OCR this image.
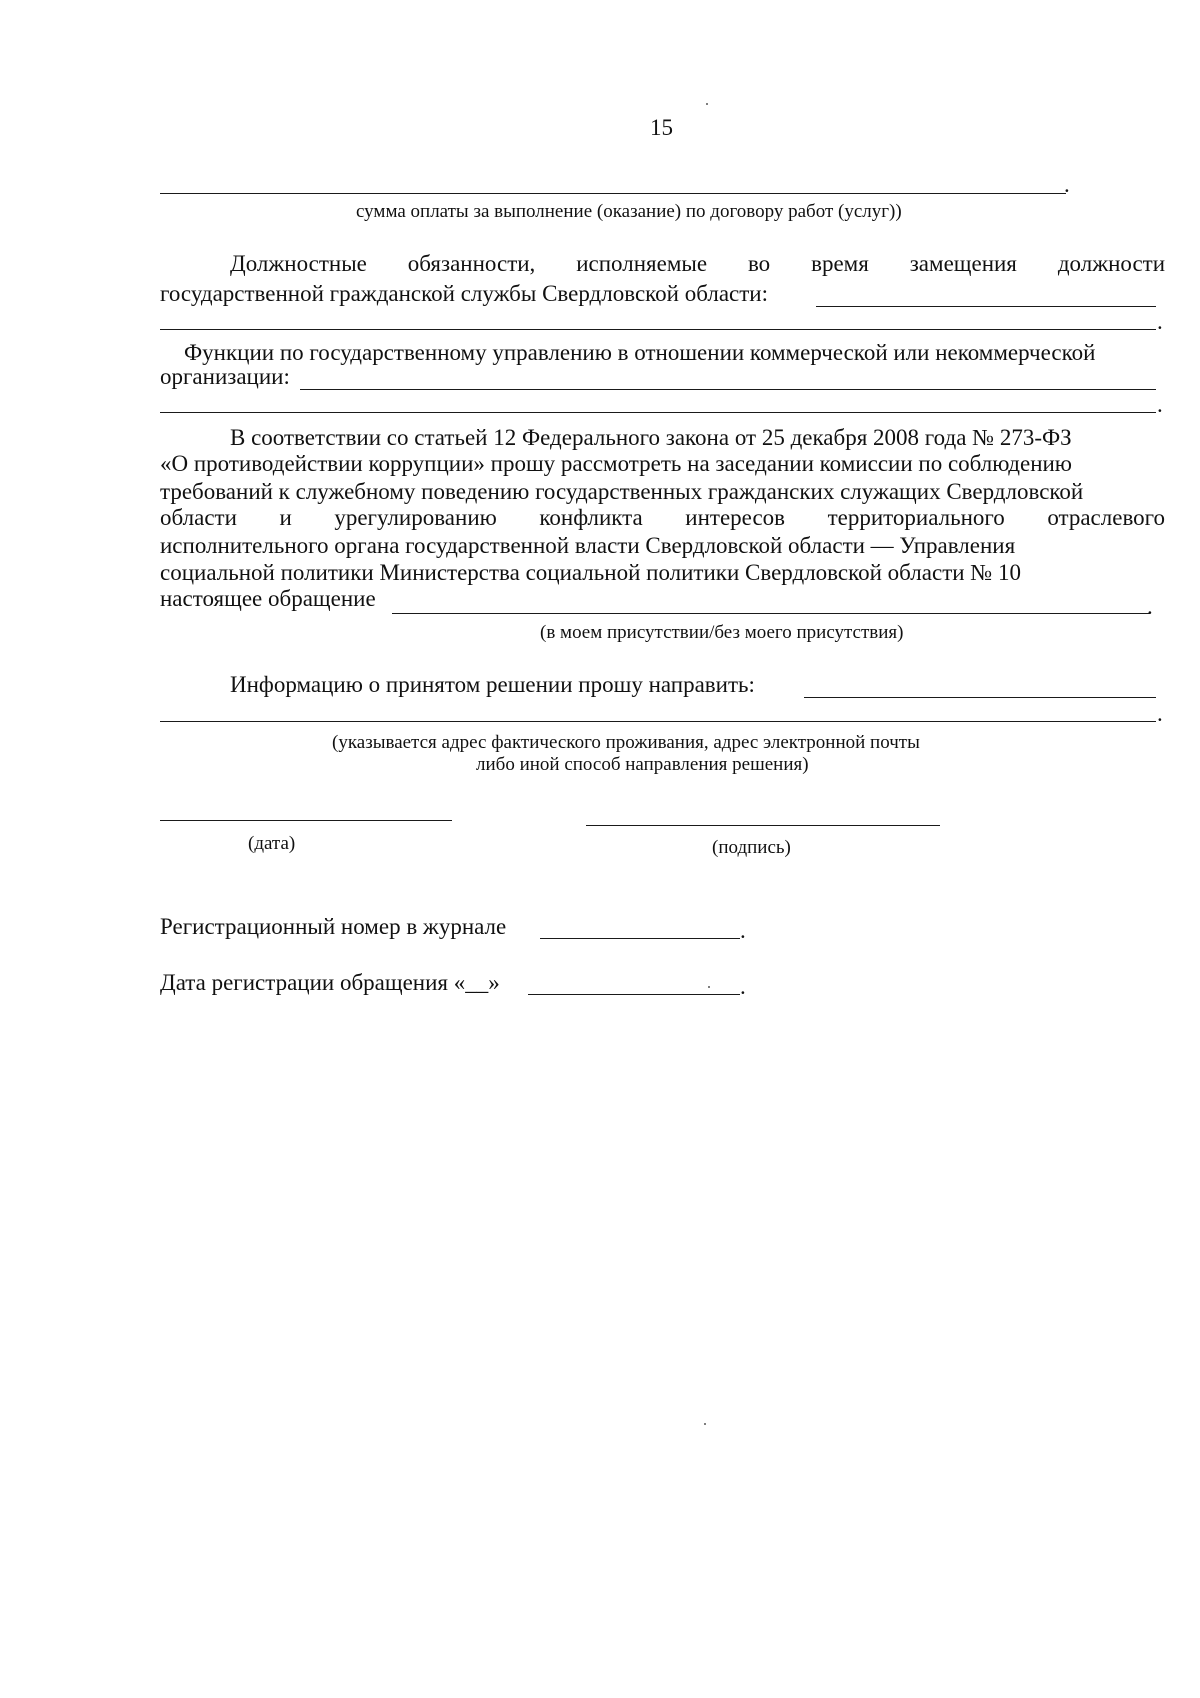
15
.
сумма оплаты за выполнение (оказание) по договору работ (услуг))
Должностные обязанности, исполняемые во время замещения должности
государственной гражданской службы Свердловской области:
.
Функции по государственному управлению в отношении коммерческой или некоммерческой
организации:
.
В соответствии со статьей 12 Федерального закона от 25 декабря 2008 года № 273-ФЗ
«О противодействии коррупции» прошу рассмотреть на заседании комиссии по соблюдению
требований к служебному поведению государственных гражданских служащих Свердловской
области и урегулированию конфликта интересов территориального отраслевого
исполнительного органа государственной власти Свердловской области — Управления
социальной политики Министерства социальной политики Свердловской области № 10
настоящее обращение	.
(в моем присутствии/без моего присутствия)
Информацию о принятом решении прошу направить:
.
(указывается адрес фактического проживания, адрес электронной почты
либо иной способ направления решения)
(дата)	(подпись)
Регистрационный номер в журнале	.
Дата регистрации обращения «__»	.
